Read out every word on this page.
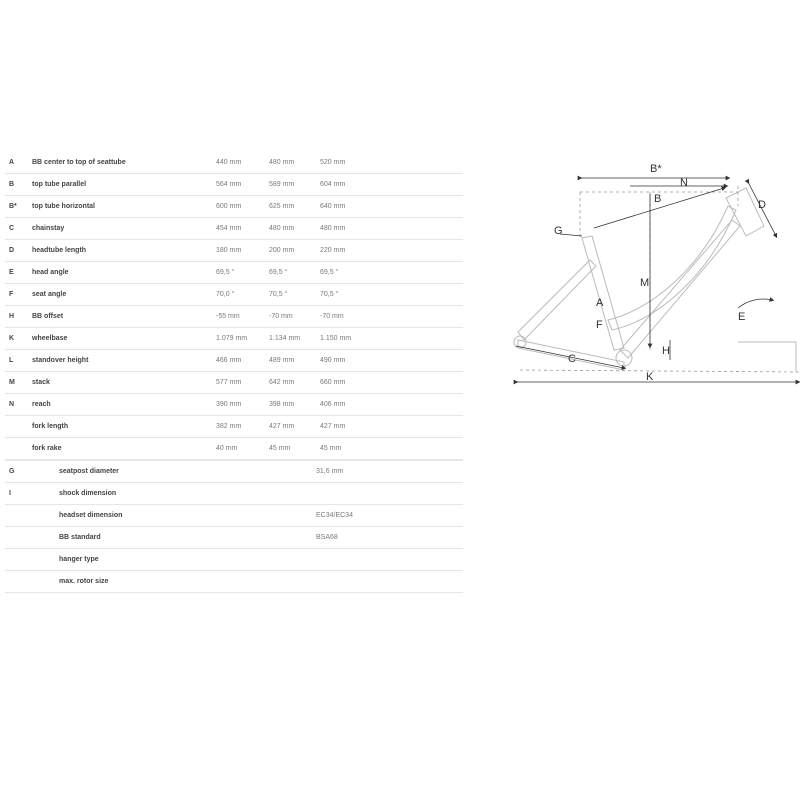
A	BB center to top of seattube	440 mm	480 mm	520 mm
B	top tube parallel	564 mm	589 mm	604 mm
B* top tube horizontal	600 mm	625 mm	640 mm
C	chainstay	454 mm	480 mm	480 mm
D	headtube length	180 mm	200 mm	220 mm
E	head angle	69,5 °	69,5 °	69,5 °
F	seat angle	70,0 °	70,5 °	70,5 °
H	BB offset	-55 mm	-70 mm	-70 mm
K	wheelbase	1.079 mm	1.134 mm	1.150 mm
L	standover height	466 mm	489 mm	490 mm
M stack	577 mm	642 mm	660 mm
N	reach	390 mm	398 mm	406 mm
fork length	382 mm	427 mm	427 mm
fork rake	40 mm	45 mm	45 mm
G	seatpost diameter	31,6 mm
I	shock dimension
headset dimension	EC34/EC34
BB standard	BSA68
hanger type
max. rotor size
B*
N
B	D
G
M
A
F
E
H
C
K
